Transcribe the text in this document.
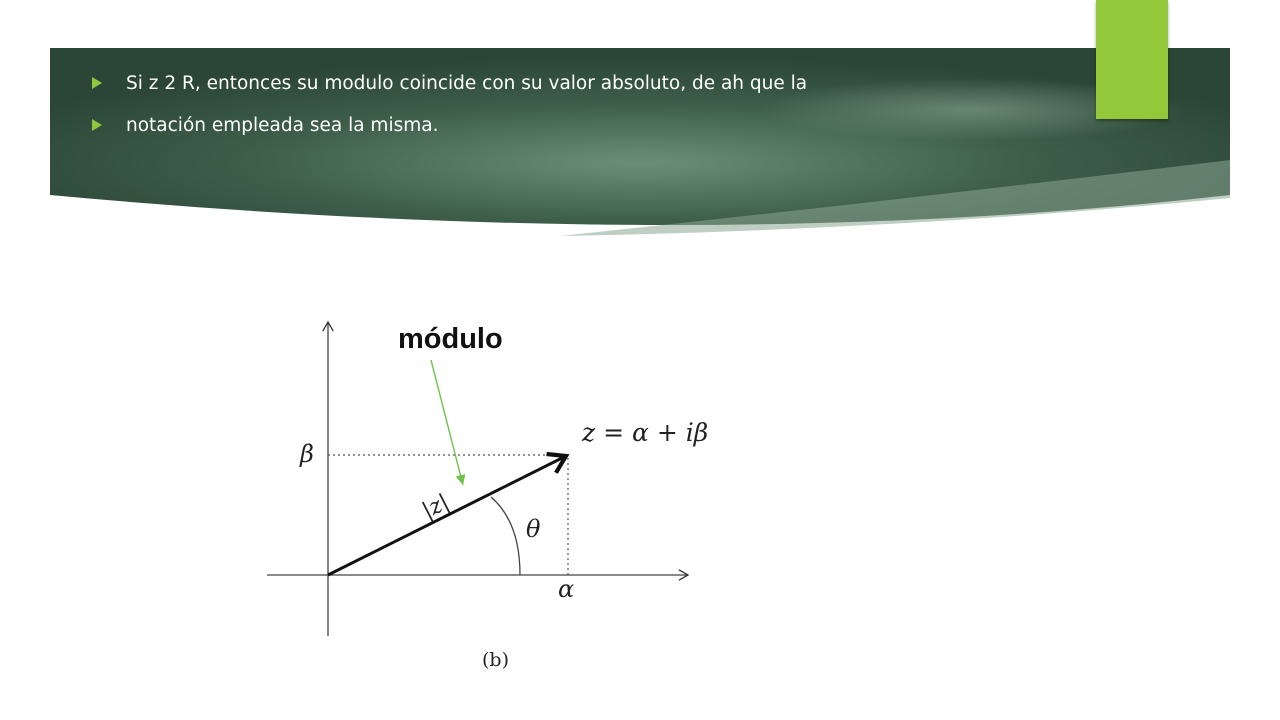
Si z 2 R, entonces su modulo coincide con su valor absoluto, de ah que la
notación empleada sea la misma.
z = α + iβ
β
α
θ
|z|
(b)
módulo
